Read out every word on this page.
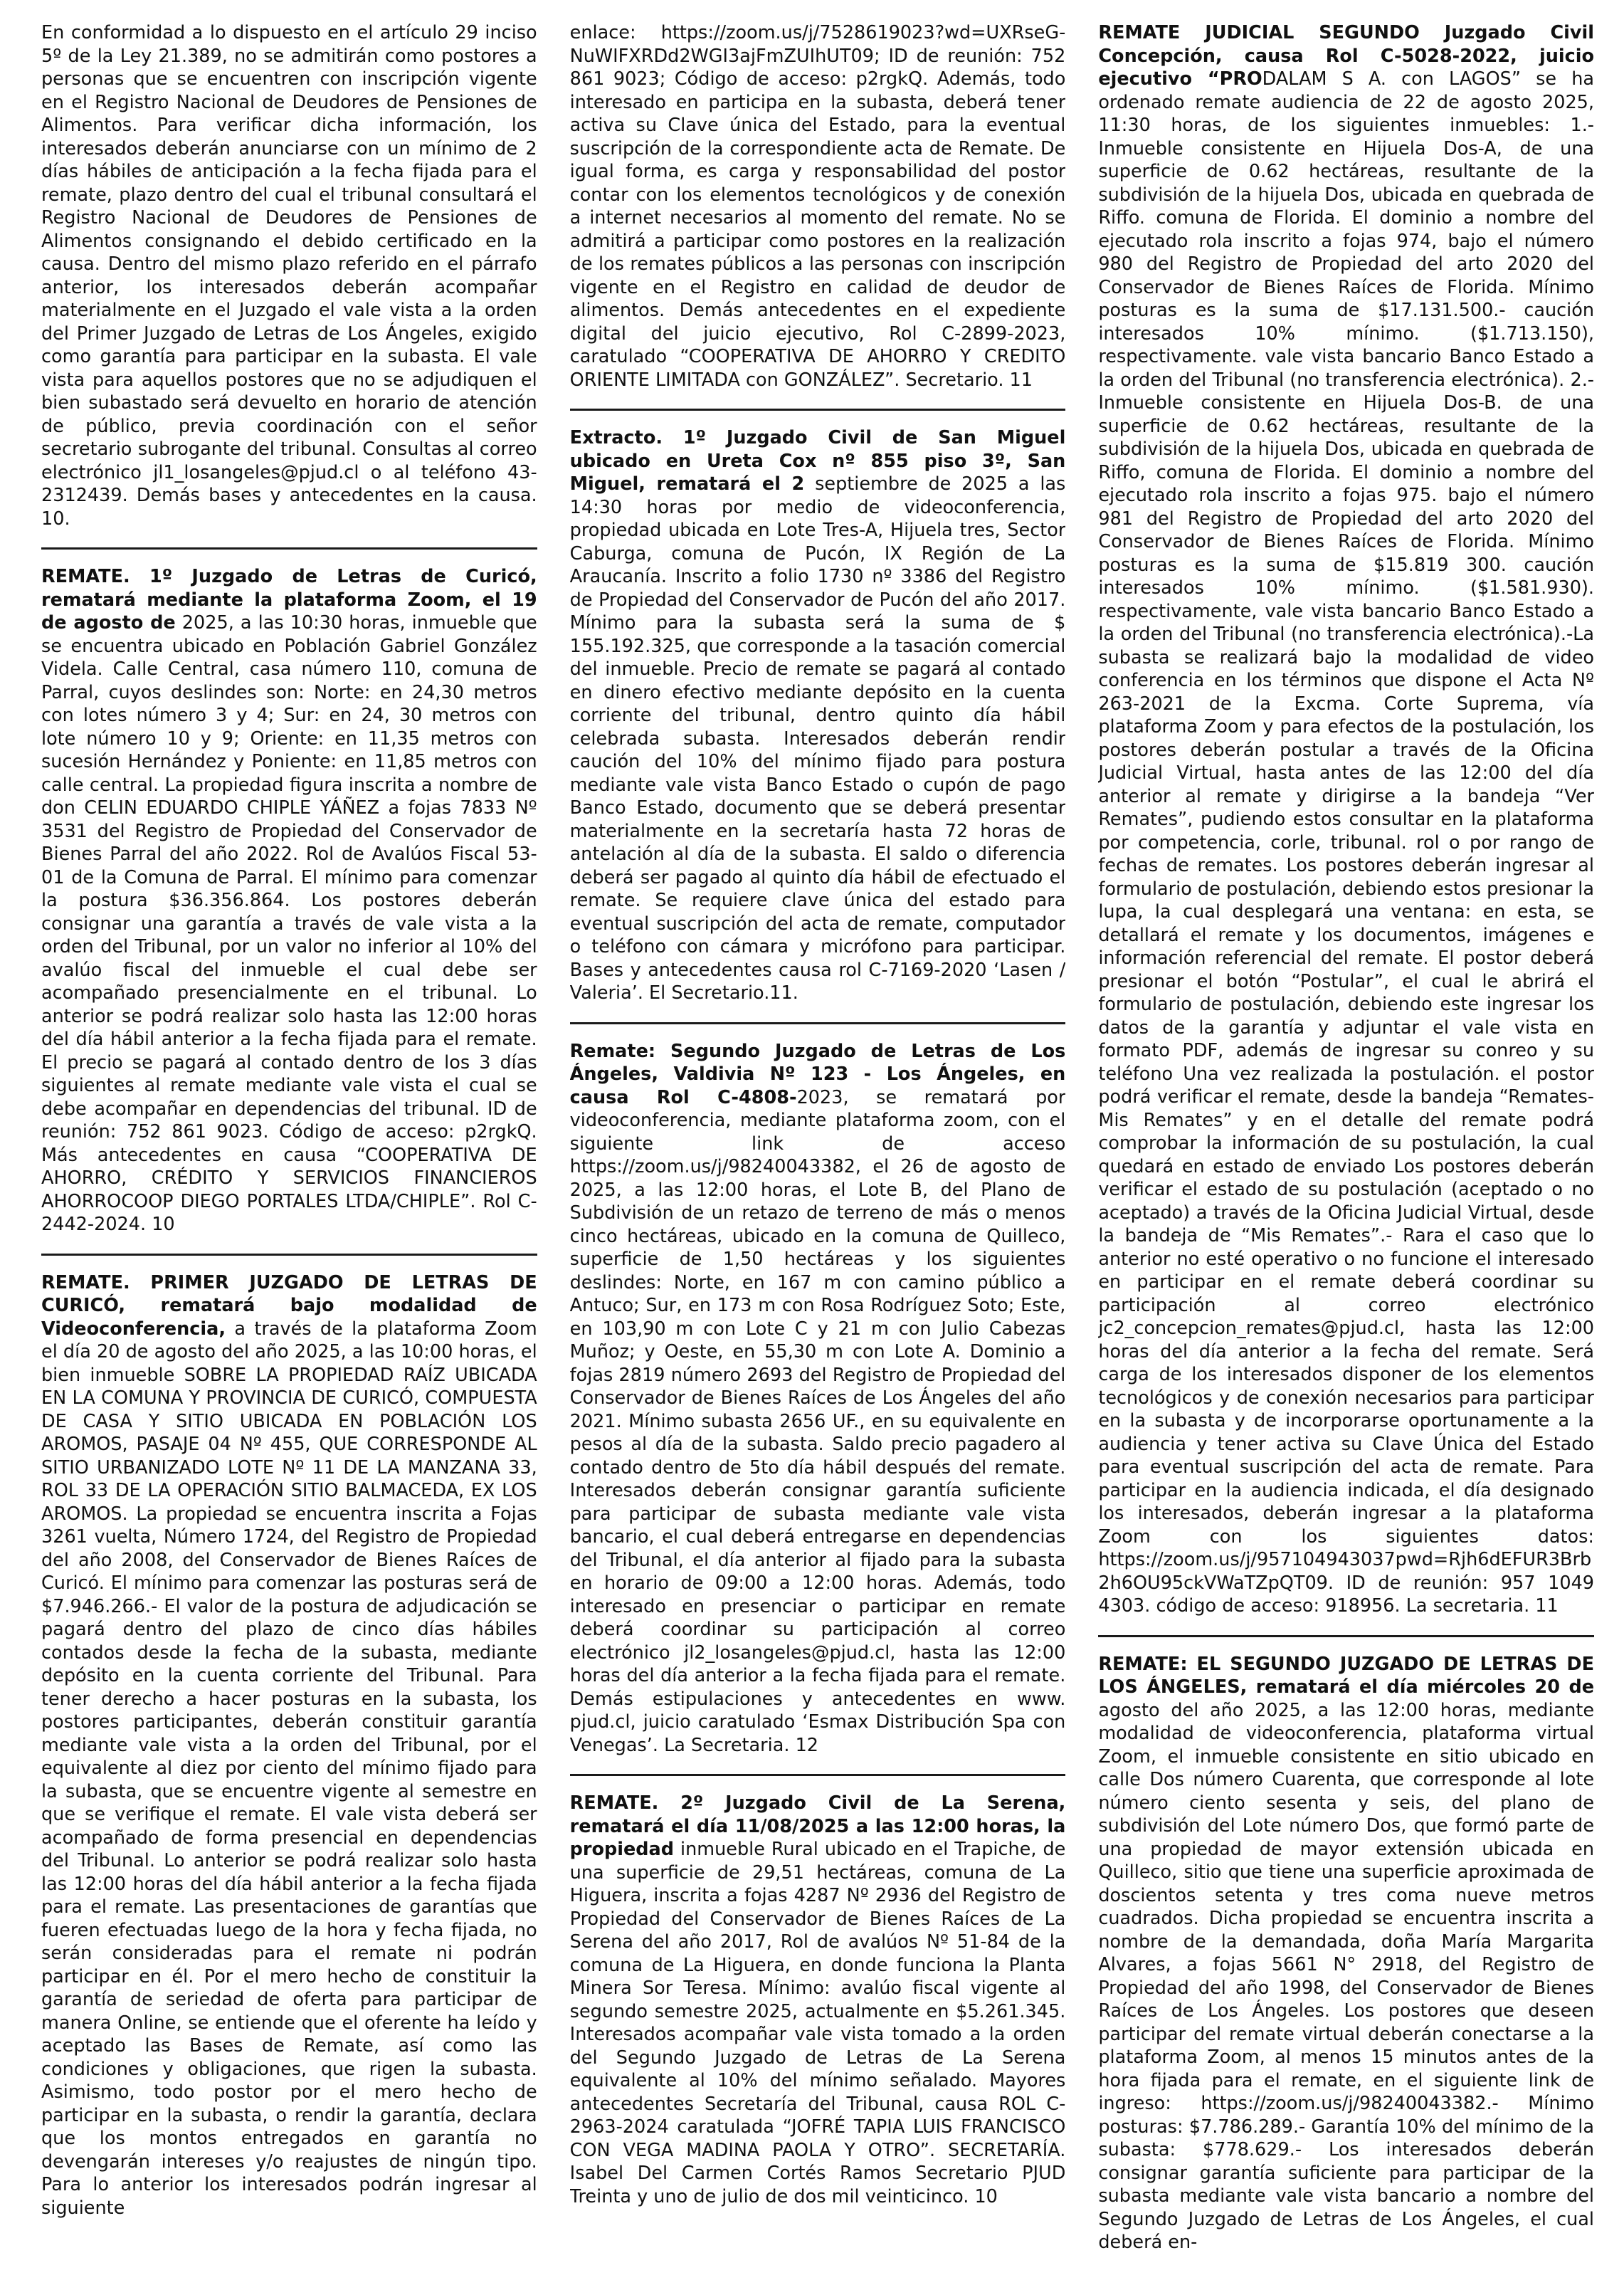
En conformidad a lo dispuesto en el artículo 29 inciso 5º de la Ley 21.389, no se admitirán como postores a personas que se encuentren con inscripción vigente en el Registro Nacional de Deudores de Pensiones de Alimentos. Para verificar dicha información, los interesados deberán anunciarse con un mínimo de 2 días hábiles de anticipación a la fecha fijada para el remate, plazo dentro del cual el tribunal consultará el Registro Nacional de Deudores de Pensiones de Alimentos consignando el debido certificado en la causa. Dentro del mismo plazo referido en el párrafo anterior, los interesados deberán acompañar materialmente en el Juzgado el vale vista a la orden del Primer Juzgado de Letras de Los Ángeles, exigido como garantía para participar en la subasta. El vale vista para aquellos postores que no se adjudiquen el bien subastado será devuelto en horario de atención de público, previa coordinación con el señor secretario subrogante del tribunal. Consultas al correo electrónico jl1_losangeles@pjud.cl o al teléfono 43-2312439. Demás bases y antecedentes en la causa. 10.

REMATE. 1º Juzgado de Letras de Curicó, rematará mediante la plataforma Zoom, el 19 de agosto de 2025, a las 10:30 horas, inmueble que se encuentra ubicado en Población Gabriel González Videla. Calle Central, casa número 110, comuna de Parral, cuyos deslindes son: Norte: en 24,30 metros con lotes número 3 y 4; Sur: en 24, 30 metros con lote número 10 y 9; Oriente: en 11,35 metros con sucesión Hernández y Poniente: en 11,85 metros con calle central. La propiedad figura inscrita a nombre de don CELIN EDUARDO CHIPLE YÁÑEZ a fojas 7833 Nº 3531 del Registro de Propiedad del Conservador de Bienes Parral del año 2022. Rol de Avalúos Fiscal 53-01 de la Comuna de Parral. El mínimo para comenzar la postura $36.356.864. Los postores deberán consignar una garantía a través de vale vista a la orden del Tribunal, por un valor no inferior al 10% del avalúo fiscal del inmueble el cual debe ser acompañado presencialmente en el tribunal. Lo anterior se podrá realizar solo hasta las 12:00 horas del día hábil anterior a la fecha fijada para el remate. El precio se pagará al contado dentro de los 3 días siguientes al remate mediante vale vista el cual se debe acompañar en dependencias del tribunal. ID de reunión: 752 861 9023. Código de acceso: p2rgkQ. Más antecedentes en causa “COOPERATIVA DE AHORRO, CRÉDITO Y SERVICIOS FINANCIEROS AHORROCOOP DIEGO PORTALES LTDA/CHIPLE”. Rol C-2442-2024. 10

REMATE. PRIMER JUZGADO DE LETRAS DE CURICÓ, rematará bajo modalidad de Videoconferencia, a través de la plataforma Zoom el día 20 de agosto del año 2025, a las 10:00 horas, el bien inmueble SOBRE LA PROPIEDAD RAÍZ UBICADA EN LA COMUNA Y PROVINCIA DE CURICÓ, COMPUESTA DE CASA Y SITIO UBICADA EN POBLACIÓN LOS AROMOS, PASAJE 04 Nº 455, QUE CORRESPONDE AL SITIO URBANIZADO LOTE Nº 11 DE LA MANZANA 33, ROL 33 DE LA OPERACIÓN SITIO BALMACEDA, EX LOS AROMOS. La propiedad se encuentra inscrita a Fojas 3261 vuelta, Número 1724, del Registro de Propiedad del año 2008, del Conservador de Bienes Raíces de Curicó. El mínimo para comenzar las posturas será de $7.946.266.- El valor de la postura de adjudicación se pagará dentro del plazo de cinco días hábiles contados desde la fecha de la subasta, mediante depósito en la cuenta corriente del Tribunal. Para tener derecho a hacer posturas en la subasta, los postores participantes, deberán constituir garantía mediante vale vista a la orden del Tribunal, por el equivalente al diez por ciento del mínimo fijado para la subasta, que se encuentre vigente al semestre en que se verifique el remate. El vale vista deberá ser acompañado de forma presencial en dependencias del Tribunal. Lo anterior se podrá realizar solo hasta las 12:00 horas del día hábil anterior a la fecha fijada para el remate. Las presentaciones de garantías que fueren efectuadas luego de la hora y fecha fijada, no serán consideradas para el remate ni podrán participar en él. Por el mero hecho de constituir la garantía de seriedad de oferta para participar de manera Online, se entiende que el oferente ha leído y aceptado las Bases de Remate, así como las condiciones y obligaciones, que rigen la subasta. Asimismo, todo postor por el mero hecho de participar en la subasta, o rendir la garantía, declara que los montos entregados en garantía no devengarán intereses y/o reajustes de ningún tipo. Para lo anterior los interesados podrán ingresar al siguiente

enlace: https://zoom.us/j/7528619023?wd=UXRseG-NuWIFXRDd2WGI3ajFmZUIhUT09; ID de reunión: 752 861 9023; Código de acceso: p2rgkQ. Además, todo interesado en participa en la subasta, deberá tener activa su Clave única del Estado, para la eventual suscripción de la correspondiente acta de Remate. De igual forma, es carga y responsabilidad del postor contar con los elementos tecnológicos y de conexión a internet necesarios al momento del remate. No se admitirá a participar como postores en la realización de los remates públicos a las personas con inscripción vigente en el Registro en calidad de deudor de alimentos. Demás antecedentes en el expediente digital del juicio ejecutivo, Rol C-2899-2023, caratulado “COOPERATIVA DE AHORRO Y CREDITO ORIENTE LIMITADA con GONZÁLEZ”. Secretario. 11

Extracto. 1º Juzgado Civil de San Miguel ubicado en Ureta Cox nº 855 piso 3º, San Miguel, rematará el 2 septiembre de 2025 a las 14:30 horas por medio de videoconferencia, propiedad ubicada en Lote Tres-A, Hijuela tres, Sector Caburga, comuna de Pucón, IX Región de La Araucanía. Inscrito a folio 1730 nº 3386 del Registro de Propiedad del Conservador de Pucón del año 2017. Mínimo para la subasta será la suma de $ 155.192.325, que corresponde a la tasación comercial del inmueble. Precio de remate se pagará al contado en dinero efectivo mediante depósito en la cuenta corriente del tribunal, dentro quinto día hábil celebrada subasta. Interesados deberán rendir caución del 10% del mínimo fijado para postura mediante vale vista Banco Estado o cupón de pago Banco Estado, documento que se deberá presentar materialmente en la secretaría hasta 72 horas de antelación al día de la subasta. El saldo o diferencia deberá ser pagado al quinto día hábil de efectuado el remate. Se requiere clave única del estado para eventual suscripción del acta de remate, computador o teléfono con cámara y micrófono para participar. Bases y antecedentes causa rol C-7169-2020 ‘Lasen / Valeria’. El Secretario.11.

Remate: Segundo Juzgado de Letras de Los Ángeles, Valdivia Nº 123 - Los Ángeles, en causa Rol C-4808-2023, se rematará por videoconferencia, mediante plataforma zoom, con el siguiente link de acceso https://zoom.us/j/98240043382, el 26 de agosto de 2025, a las 12:00 horas, el Lote B, del Plano de Subdivisión de un retazo de terreno de más o menos cinco hectáreas, ubicado en la comuna de Quilleco, superficie de 1,50 hectáreas y los siguientes deslindes: Norte, en 167 m con camino público a Antuco; Sur, en 173 m con Rosa Rodríguez Soto; Este, en 103,90 m con Lote C y 21 m con Julio Cabezas Muñoz; y Oeste, en 55,30 m con Lote A. Dominio a fojas 2819 número 2693 del Registro de Propiedad del Conservador de Bienes Raíces de Los Ángeles del año 2021. Mínimo subasta 2656 UF., en su equivalente en pesos al día de la subasta. Saldo precio pagadero al contado dentro de 5to día hábil después del remate. Interesados deberán consignar garantía suficiente para participar de subasta mediante vale vista bancario, el cual deberá entregarse en dependencias del Tribunal, el día anterior al fijado para la subasta en horario de 09:00 a 12:00 horas. Además, todo interesado en presenciar o participar en remate deberá coordinar su participación al correo electrónico jl2_losangeles@pjud.cl, hasta las 12:00 horas del día anterior a la fecha fijada para el remate. Demás estipulaciones y antecedentes en www. pjud.cl, juicio caratulado ‘Esmax Distribución Spa con Venegas’. La Secretaria. 12

REMATE. 2º Juzgado Civil de La Serena, rematará el día 11/08/2025 a las 12:00 horas, la propiedad inmueble Rural ubicado en el Trapiche, de una superficie de 29,51 hectáreas, comuna de La Higuera, inscrita a fojas 4287 Nº 2936 del Registro de Propiedad del Conservador de Bienes Raíces de La Serena del año 2017, Rol de avalúos Nº 51-84 de la comuna de La Higuera, en donde funciona la Planta Minera Sor Teresa. Mínimo: avalúo fiscal vigente al segundo semestre 2025, actualmente en $5.261.345. Interesados acompañar vale vista tomado a la orden del Segundo Juzgado de Letras de La Serena equivalente al 10% del mínimo señalado. Mayores antecedentes Secretaría del Tribunal, causa ROL C-2963-2024 caratulada “JOFRÉ TAPIA LUIS FRANCISCO CON VEGA MADINA PAOLA Y OTRO”. SECRETARÍA. Isabel Del Carmen Cortés Ramos Secretario PJUD Treinta y uno de julio de dos mil veinticinco. 10

REMATE JUDICIAL SEGUNDO Juzgado Civil Concepción, causa Rol C-5028-2022, juicio ejecutivo “PRODALAM S A. con LAGOS” se ha ordenado remate audiencia de 22 de agosto 2025, 11:30 horas, de los siguientes inmuebles: 1.- Inmueble consistente en Hijuela Dos-A, de una superficie de 0.62 hectáreas, resultante de la subdivisión de la hijuela Dos, ubicada en quebrada de Riffo. comuna de Florida. El dominio a nombre del ejecutado rola inscrito a fojas 974, bajo el número 980 del Registro de Propiedad del arto 2020 del Conservador de Bienes Raíces de Florida. Mínimo posturas es la suma de $17.131.500.- caución interesados 10% mínimo. ($1.713.150), respectivamente. vale vista bancario Banco Estado a la orden del Tribunal (no transferencia electrónica). 2.- Inmueble consistente en Hijuela Dos-B. de una superficie de 0.62 hectáreas, resultante de la subdivisión de la hijuela Dos, ubicada en quebrada de Riffo, comuna de Florida. El dominio a nombre del ejecutado rola inscrito a fojas 975. bajo el número 981 del Registro de Propiedad del arto 2020 del Conservador de Bienes Raíces de Florida. Mínimo posturas es la suma de $15.819 300. caución interesados 10% mínimo. ($1.581.930). respectivamente, vale vista bancario Banco Estado a la orden del Tribunal (no transferencia electrónica).-La subasta se realizará bajo la modalidad de video conferencia en los términos que dispone el Acta Nº 263-2021 de la Excma. Corte Suprema, vía plataforma Zoom y para efectos de la postulación, los postores deberán postular a través de la Oficina Judicial Virtual, hasta antes de las 12:00 del día anterior al remate y dirigirse a la bandeja “Ver Remates”, pudiendo estos consultar en la plataforma por competencia, corle, tribunal. rol o por rango de fechas de remates. Los postores deberán ingresar al formulario de postulación, debiendo estos presionar la lupa, la cual desplegará una ventana: en esta, se detallará el remate y los documentos, imágenes e información referencial del remate. El postor deberá presionar el botón “Postular”, el cual le abrirá el formulario de postulación, debiendo este ingresar los datos de la garantía y adjuntar el vale vista en formato PDF, además de ingresar su conreo y su teléfono Una vez realizada la postulación. el postor podrá verificar el remate, desde la bandeja “Remates-Mis Remates” y en el detalle del remate podrá comprobar la información de su postulación, la cual quedará en estado de enviado Los postores deberán verificar el estado de su postulación (aceptado o no aceptado) a través de la Oficina Judicial Virtual, desde la bandeja de “Mis Remates”.- Rara el caso que lo anterior no esté operativo o no funcione el interesado en participar en el remate deberá coordinar su participación al correo electrónico jc2_concepcion_remates@pjud.cl, hasta las 12:00 horas del día anterior a la fecha del remate. Será carga de los interesados disponer de los elementos tecnológicos y de conexión necesarios para participar en la subasta y de incorporarse oportunamente a la audiencia y tener activa su Clave Única del Estado para eventual suscripción del acta de remate. Para participar en la audiencia indicada, el día designado los interesados, deberán ingresar a la plataforma Zoom con los siguientes datos: https://zoom.us/j/957104943037pwd=Rjh6dEFUR3Brb2h6OU95ckVWaTZpQT09. ID de reunión: 957 1049 4303. código de acceso: 918956. La secretaria. 11

REMATE: EL SEGUNDO JUZGADO DE LETRAS DE LOS ÁNGELES, rematará el día miércoles 20 de agosto del año 2025, a las 12:00 horas, mediante modalidad de videoconferencia, plataforma virtual Zoom, el inmueble consistente en sitio ubicado en calle Dos número Cuarenta, que corresponde al lote número ciento sesenta y seis, del plano de subdivisión del Lote número Dos, que formó parte de una propiedad de mayor extensión ubicada en Quilleco, sitio que tiene una superficie aproximada de doscientos setenta y tres coma nueve metros cuadrados. Dicha propiedad se encuentra inscrita a nombre de la demandada, doña María Margarita Alvares, a fojas 5661 N° 2918, del Registro de Propiedad del año 1998, del Conservador de Bienes Raíces de Los Ángeles. Los postores que deseen participar del remate virtual deberán conectarse a la plataforma Zoom, al menos 15 minutos antes de la hora fijada para el remate, en el siguiente link de ingreso: https://zoom.us/j/98240043382.- Mínimo posturas: $7.786.289.- Garantía 10% del mínimo de la subasta: $778.629.- Los interesados deberán consignar garantía suficiente para participar de la subasta mediante vale vista bancario a nombre del Segundo Juzgado de Letras de Los Ángeles, el cual deberá en-
